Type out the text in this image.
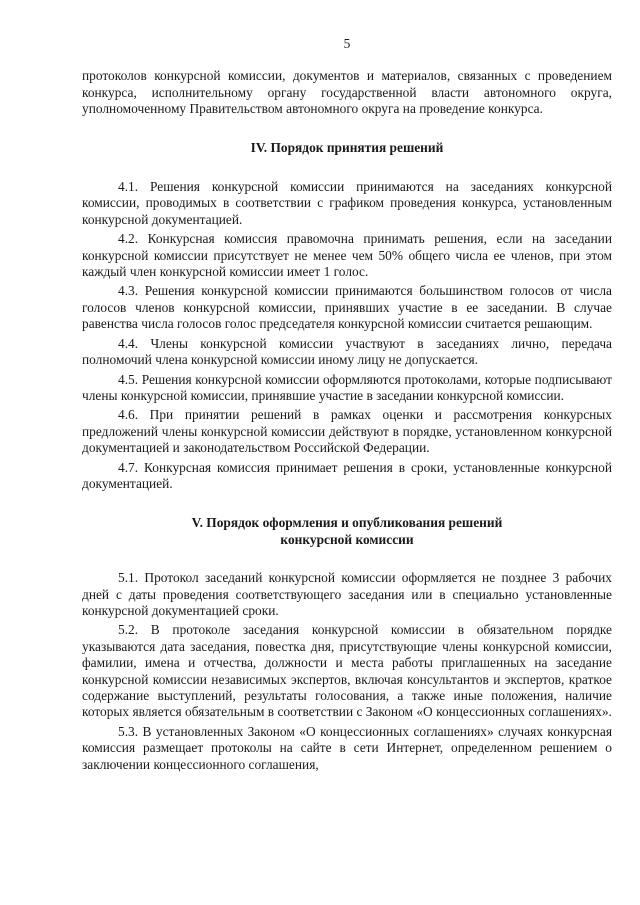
5

протоколов конкурсной комиссии, документов и материалов, связанных с проведением конкурса, исполнительному органу государственной власти автономного округа, уполномоченному Правительством автономного округа на проведение конкурса.

IV. Порядок принятия решений

4.1. Решения конкурсной комиссии принимаются на заседаниях конкурсной комиссии, проводимых в соответствии с графиком проведения конкурса, установленным конкурсной документацией.

4.2. Конкурсная комиссия правомочна принимать решения, если на заседании конкурсной комиссии присутствует не менее чем 50% общего числа ее членов, при этом каждый член конкурсной комиссии имеет 1 голос.

4.3. Решения конкурсной комиссии принимаются большинством голосов от числа голосов членов конкурсной комиссии, принявших участие в ее заседании. В случае равенства числа голосов голос председателя конкурсной комиссии считается решающим.

4.4. Члены конкурсной комиссии участвуют в заседаниях лично, передача полномочий члена конкурсной комиссии иному лицу не допускается.

4.5. Решения конкурсной комиссии оформляются протоколами, которые подписывают члены конкурсной комиссии, принявшие участие в заседании конкурсной комиссии.

4.6. При принятии решений в рамках оценки и рассмотрения конкурсных предложений члены конкурсной комиссии действуют в порядке, установленном конкурсной документацией и законодательством Российской Федерации.

4.7. Конкурсная комиссия принимает решения в сроки, установленные конкурсной документацией.

V. Порядок оформления и опубликования решений
конкурсной комиссии

5.1. Протокол заседаний конкурсной комиссии оформляется не позднее 3 рабочих дней с даты проведения соответствующего заседания или в специально установленные конкурсной документацией сроки.

5.2. В протоколе заседания конкурсной комиссии в обязательном порядке указываются дата заседания, повестка дня, присутствующие члены конкурсной комиссии, фамилии, имена и отчества, должности и места работы приглашенных на заседание конкурсной комиссии независимых экспертов, включая консультантов и экспертов, краткое содержание выступлений, результаты голосования, а также иные положения, наличие которых является обязательным в соответствии с Законом «О концессионных соглашениях».

5.3. В установленных Законом «О концессионных соглашениях» случаях конкурсная комиссия размещает протоколы на сайте в сети Интернет, определенном решением о заключении концессионного соглашения,
